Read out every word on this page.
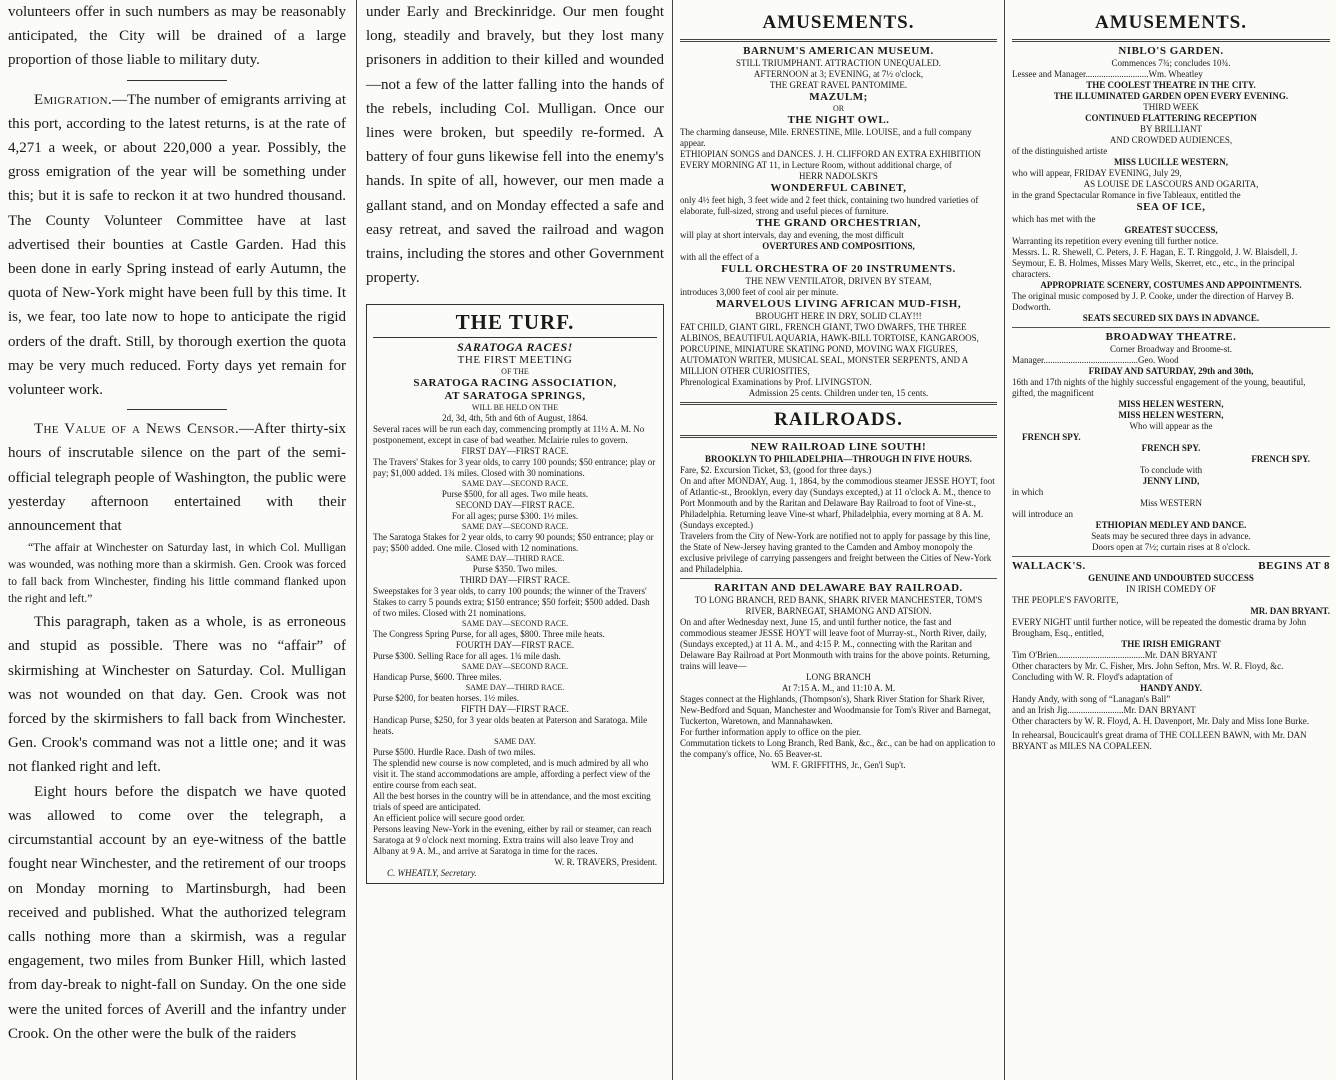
volunteers offer in such numbers as may be reasonably anticipated, the City will be drained of a large proportion of those liable to military duty.

Emigration.—The number of emigrants arriving at this port, according to the latest returns, is at the rate of 4,271 a week, or about 220,000 a year. Possibly, the gross emigration of the year will be something under this; but it is safe to reckon it at two hundred thousand. The County Volunteer Committee have at last advertised their bounties at Castle Garden. Had this been done in early Spring instead of early Autumn, the quota of New-York might have been full by this time. It is, we fear, too late now to hope to anticipate the rigid orders of the draft. Still, by thorough exertion the quota may be very much reduced. Forty days yet remain for volunteer work.

The Value of a News Censor.—After thirty-six hours of inscrutable silence on the part of the semi-official telegraph people of Washington, the public were yesterday afternoon entertained with their announcement that

“The affair at Winchester on Saturday last, in which Col. Mulligan was wounded, was nothing more than a skirmish. Gen. Crook was forced to fall back from Winchester, finding his little command flanked upon the right and left.”

This paragraph, taken as a whole, is as erroneous and stupid as possible. There was no “affair” of skirmishing at Winchester on Saturday. Col. Mulligan was not wounded on that day. Gen. Crook was not forced by the skirmishers to fall back from Winchester. Gen. Crook's command was not a little one; and it was not flanked right and left.

Eight hours before the dispatch we have quoted was allowed to come over the telegraph, a circumstantial account by an eye-witness of the battle fought near Winchester, and the retirement of our troops on Monday morning to Martinsburgh, had been received and published. What the authorized telegram calls nothing more than a skirmish, was a regular engagement, two miles from Bunker Hill, which lasted from day-break to night-fall on Sunday. On the one side were the united forces of Averill and the infantry under Crook. On the other were the bulk of the raiders

under Early and Breckinridge. Our men fought long, steadily and bravely, but they lost many prisoners in addition to their killed and wounded—not a few of the latter falling into the hands of the rebels, including Col. Mulligan. Once our lines were broken, but speedily re-formed. A battery of four guns likewise fell into the enemy's hands. In spite of all, however, our men made a gallant stand, and on Monday effected a safe and easy retreat, and saved the railroad and wagon trains, including the stores and other Government property.

THE TURF.
SARATOGA RACES!
THE FIRST MEETING
OF THE
SARATOGA RACING ASSOCIATION,
AT SARATOGA SPRINGS,
WILL BE HELD ON THE
2d, 3d, 4th, 5th and 6th of August, 1864.
Several races will be run each day, commencing promptly at 11½ A. M. No postponement, except in case of bad weather. McIairie rules to govern.
FIRST DAY—FIRST RACE.
The Travers' Stakes for 3 year olds, to carry 100 pounds; $50 entrance; play or pay; $1,000 added. 1¾ miles. Closed with 30 nominations.
SAME DAY—SECOND RACE.
Purse $500, for all ages. Two mile heats.
SECOND DAY—FIRST RACE.
For all ages; purse $300. 1½ miles.
SAME DAY—SECOND RACE.
The Saratoga Stakes for 2 year olds, to carry 90 pounds; $50 entrance; play or pay; $500 added. One mile. Closed with 12 nominations.
SAME DAY—THIRD RACE.
Purse $350. Two miles.
THIRD DAY—FIRST RACE.
Sweepstakes for 3 year olds, to carry 100 pounds; the winner of the Travers' Stakes to carry 5 pounds extra; $150 entrance; $50 forfeit; $500 added. Dash of two miles. Closed with 21 nominations.
SAME DAY—SECOND RACE.
The Congress Spring Purse, for all ages, $800. Three mile heats.
FOURTH DAY—FIRST RACE.
Purse $300. Selling Race for all ages. 1¾ mile dash.
SAME DAY—SECOND RACE.
Handicap Purse, $600. Three miles.
SAME DAY—THIRD RACE.
Purse $200, for beaten horses. 1½ miles.
FIFTH DAY—FIRST RACE.
Handicap Purse, $250, for 3 year olds beaten at Paterson and Saratoga. Mile heats.
SAME DAY.
Purse $500. Hurdle Race. Dash of two miles.
The splendid new course is now completed, and is much admired by all who visit it. The stand accommodations are ample, affording a perfect view of the entire course from each seat.
All the best horses in the country will be in attendance, and the most exciting trials of speed are anticipated.
An efficient police will secure good order.
Persons leaving New-York in the evening, either by rail or steamer, can reach Saratoga at 9 o'clock next morning. Extra trains will also leave Troy and Albany at 9 A. M., and arrive at Saratoga in time for the races.
W. R. TRAVERS, President.
C. WHEATLY, Secretary.
AMUSEMENTS.
BARNUM'S AMERICAN MUSEUM.
STILL TRIUMPHANT. ATTRACTION UNEQUALED.
AFTERNOON at 3; EVENING, at 7½ o'clock,
THE GREAT RAVEL PANTOMIME.
MAZULM;
OR
THE NIGHT OWL.
The charming danseuse, Mlle. ERNESTINE, Mlle. LOUISE, and a full company appear.
ETHIOPIAN SONGS and DANCES. J. H. CLIFFORD AN EXTRA EXHIBITION EVERY MORNING AT 11, in Lecture Room, without additional charge, of
HERR NADOLSKI'S
WONDERFUL CABINET,
only 4½ feet high, 3 feet wide and 2 feet thick, containing two hundred varieties of elaborate, full-sized, strong and useful pieces of furniture.
THE GRAND ORCHESTRIAN,
will play at short intervals, day and evening, the most difficult
OVERTURES AND COMPOSITIONS,
with all the effect of a
FULL ORCHESTRA OF 20 INSTRUMENTS.
THE NEW VENTILATOR, DRIVEN BY STEAM,
introduces 3,000 feet of cool air per minute.
MARVELOUS LIVING AFRICAN MUD-FISH,
BROUGHT HERE IN DRY, SOLID CLAY!!!
FAT CHILD, GIANT GIRL, FRENCH GIANT, TWO DWARFS, THE THREE ALBINOS, BEAUTIFUL AQUARIA, HAWK-BILL TORTOISE, KANGAROOS, PORCUPINE, MINIATURE SKATING POND, MOVING WAX FIGURES, AUTOMATON WRITER, MUSICAL SEAL, MONSTER SERPENTS, AND A MILLION OTHER CURIOSITIES,
Phrenological Examinations by Prof. LIVINGSTON.
Admission 25 cents. Children under ten, 15 cents.
RAILROADS.
NEW RAILROAD LINE SOUTH!
BROOKLYN TO PHILADELPHIA—THROUGH IN FIVE HOURS.
Fare, $2. Excursion Ticket, $3, (good for three days.)
On and after MONDAY, Aug. 1, 1864, by the commodious steamer JESSE HOYT, foot of Atlantic-st., Brooklyn, every day (Sundays excepted,) at 11 o'clock A. M., thence to Port Monmouth and by the Raritan and Delaware Bay Railroad to foot of Vine-st., Philadelphia. Returning leave Vine-st wharf, Philadelphia, every morning at 8 A. M. (Sundays excepted.)
Travelers from the City of New-York are notified not to apply for passage by this line, the State of New-Jersey having granted to the Camden and Amboy monopoly the exclusive privilege of carrying passengers and freight between the Cities of New-York and Philadelphia.
RARITAN AND DELAWARE BAY RAILROAD.
TO LONG BRANCH, RED BANK, SHARK RIVER MANCHESTER, TOM'S RIVER, BARNEGAT, SHAMONG AND ATSION.
On and after Wednesday next, June 15, and until further notice, the fast and commodious steamer JESSE HOYT will leave foot of Murray-st., North River, daily, (Sundays excepted,) at 11 A. M., and 4:15 P. M., connecting with the Raritan and Delaware Bay Railroad at Port Monmouth with trains for the above points. Returning, trains will leave—
LONG BRANCH
At 7:15 A. M., and 11:10 A. M.
Stages connect at the Highlands, (Thompson's), Shark River Station for Shark River, New-Bedford and Squan, Manchester and Woodmansie for Tom's River and Barnegat, Tuckerton, Waretown, and Mannahawken.
For further information apply to office on the pier.
Commutation tickets to Long Branch, Red Bank, &c., &c., can be had on application to the company's office, No. 65 Beaver-st.
WM. F. GRIFFITHS, Jr., Gen'l Sup't.
AMUSEMENTS.
NIBLO'S GARDEN.
Commences 7¾; concludes 10¾.
Lessee and Manager............................Wm. Wheatley
THE COOLEST THEATRE IN THE CITY.
THE ILLUMINATED GARDEN OPEN EVERY EVENING.
THIRD WEEK
CONTINUED FLATTERING RECEPTION
BY BRILLIANT
AND CROWDED AUDIENCES,
of the distinguished artiste
MISS LUCILLE WESTERN,
who will appear, FRIDAY EVENING, July 29,
AS LOUISE DE LASCOURS AND OGARITA,
in the grand Spectacular Romance in five Tableaux, entitled the
SEA OF ICE,
which has met with the
GREATEST SUCCESS,
Warranting its repetition every evening till further notice.
Messrs. L. R. Shewell, C. Peters, J. F. Hagan, E. T. Ringgold, J. W. Blaisdell, J. Seymour, E. B. Holmes, Misses Mary Wells, Skerret, etc., etc., in the principal characters.
APPROPRIATE SCENERY, COSTUMES AND APPOINTMENTS.
The original music composed by J. P. Cooke, under the direction of Harvey B. Dodworth.
SEATS SECURED SIX DAYS IN ADVANCE.
BROADWAY THEATRE.
Corner Broadway and Broome-st.
Manager..........................................Geo. Wood
FRIDAY AND SATURDAY, 29th and 30th,
16th and 17th nights of the highly successful engagement of the young, beautiful, gifted, the magnificent
MISS HELEN WESTERN,
MISS HELEN WESTERN,
Who will appear as the
FRENCH SPY.
FRENCH SPY.
FRENCH SPY.
To conclude with
JENNY LIND,
in which
Miss WESTERN
will introduce an
ETHIOPIAN MEDLEY AND DANCE.
Seats may be secured three days in advance.
Doors open at 7½; curtain rises at 8 o'clock.
WALLACK'S.	BEGINS AT 8
GENUINE AND UNDOUBTED SUCCESS
IN IRISH COMEDY OF
THE PEOPLE'S FAVORITE,
MR. DAN BRYANT.
EVERY NIGHT until further notice, will be repeated the domestic drama by John Brougham, Esq., entitled,
THE IRISH EMIGRANT
Tim O'Brien.......................................Mr. DAN BRYANT
Other characters by Mr. C. Fisher, Mrs. John Sefton, Mrs. W. R. Floyd, &c.
Concluding with W. R. Floyd's adaptation of
HANDY ANDY.
Handy Andy, with song of “Lanagan's Ball”
and an Irish Jig.........................Mr. DAN BRYANT
Other characters by W. R. Floyd, A. H. Davenport, Mr. Daly and Miss Ione Burke.
In rehearsal, Boucicault's great drama of THE COLLEEN BAWN, with Mr. DAN BRYANT as MILES NA COPALEEN.
